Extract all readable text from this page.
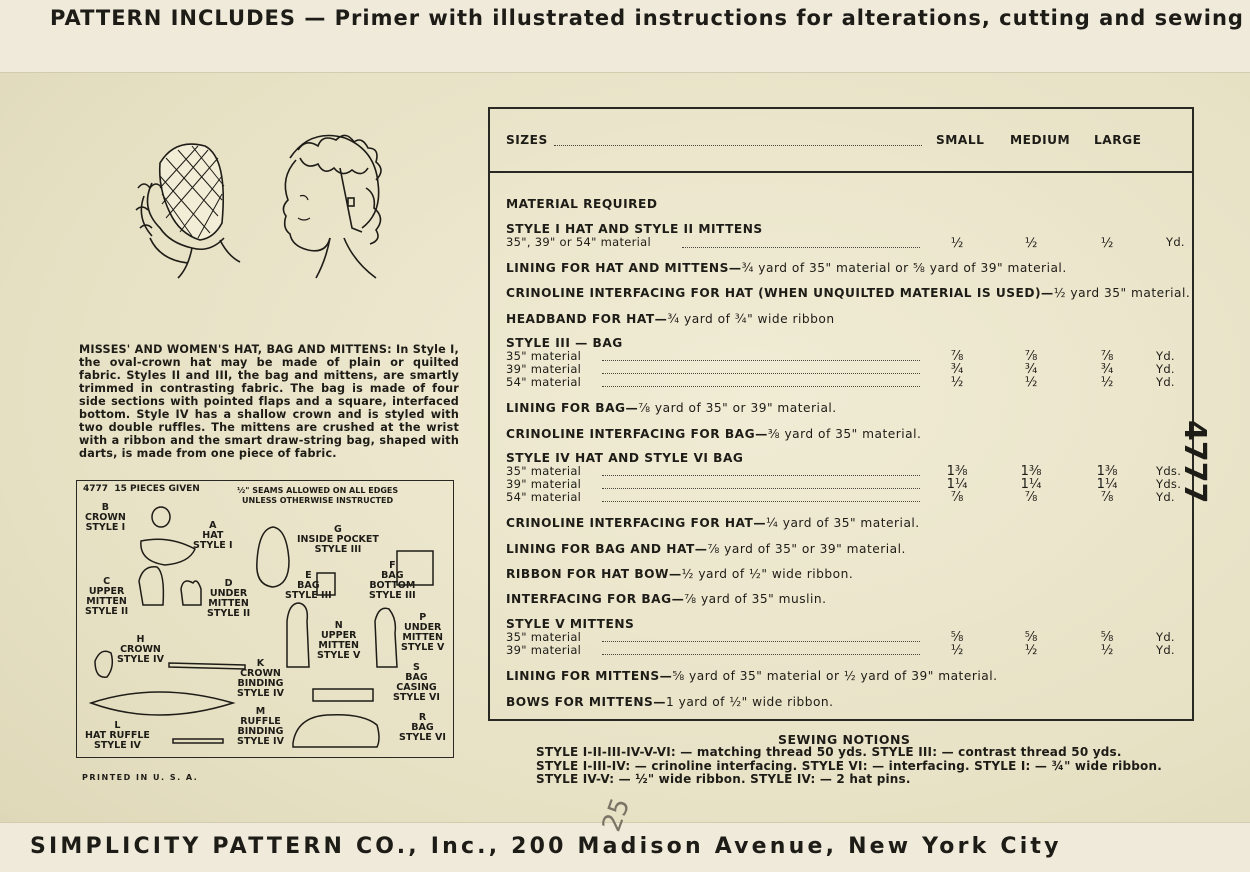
PATTERN INCLUDES — Primer with illustrated instructions for alterations, cutting and sewing
MISSES' AND WOMEN'S HAT, BAG AND MITTENS: In Style I, the oval-crown hat may be made of plain or quilted fabric. Styles II and III, the bag and mittens, are smartly trimmed in contrasting fabric. The bag is made of four side sections with pointed flaps and a square, interfaced bottom. Style IV has a shallow crown and is styled with two double ruffles. The mittens are crushed at the wrist with a ribbon and the smart draw-string bag, shaped with darts, is made from one piece of fabric.
4777 15 PIECES GIVEN	½" SEAMS ALLOWED ON ALL EDGES
UNLESS OTHERWISE INSTRUCTED
B
CROWN
STYLE I	A
HAT
STYLE I
G
INSIDE POCKET
STYLE III
E
BAG
STYLE III
F
BAG
BOTTOM
STYLE III
C
UPPER
MITTEN
STYLE II
D
UNDER
MITTEN
STYLE II
N
UPPER
MITTEN
STYLE V
P
UNDER
MITTEN
STYLE V
H
CROWN
STYLE IV	K
CROWN
BINDING
STYLE IV
S
BAG
CASING
STYLE VI
L
HAT RUFFLE
STYLE IV
M
RUFFLE
BINDING
STYLE IV
R
BAG
STYLE VI
PRINTED IN U. S. A.
SIZES	SMALL MEDIUM LARGE
MATERIAL REQUIRED
STYLE I HAT AND STYLE II MITTENS
35", 39" or 54" material	½	½	½	Yd.
LINING FOR HAT AND MITTENS—¾ yard of 35" material or ⅝ yard of 39" material.
CRINOLINE INTERFACING FOR HAT (WHEN UNQUILTED MATERIAL IS USED)—½ yard 35" material.
HEADBAND FOR HAT—¾ yard of ¾" wide ribbon
STYLE III — BAG
35" material	⅞	⅞	⅞	Yd.
39" material	¾	¾	¾	Yd.
54" material	½	½	½	Yd.
LINING FOR BAG—⅞ yard of 35" or 39" material.
CRINOLINE INTERFACING FOR BAG—⅜ yard of 35" material.
STYLE IV HAT AND STYLE VI BAG
35" material	1⅜	1⅜	1⅜	Yds.
39" material	1¼	1¼	1¼	Yds.
54" material	⅞	⅞	⅞	Yd.
CRINOLINE INTERFACING FOR HAT—¼ yard of 35" material.
LINING FOR BAG AND HAT—⅞ yard of 35" or 39" material.
RIBBON FOR HAT BOW—½ yard of ½" wide ribbon.
INTERFACING FOR BAG—⅞ yard of 35" muslin.
STYLE V MITTENS
35" material	⅝	⅝	⅝	Yd.
39" material	½	½	½	Yd.
LINING FOR MITTENS—⅝ yard of 35" material or ½ yard of 39" material.
BOWS FOR MITTENS—1 yard of ½" wide ribbon.
SEWING NOTIONS
STYLE I-II-III-IV-V-VI: — matching thread 50 yds. STYLE III: — contrast thread 50 yds.
STYLE I-III-IV: — crinoline interfacing. STYLE VI: — interfacing. STYLE I: — ¾" wide ribbon.
STYLE IV-V: — ½" wide ribbon. STYLE IV: — 2 hat pins.
4777
25
SIMPLICITY PATTERN CO., Inc., 200 Madison Avenue, New York City
